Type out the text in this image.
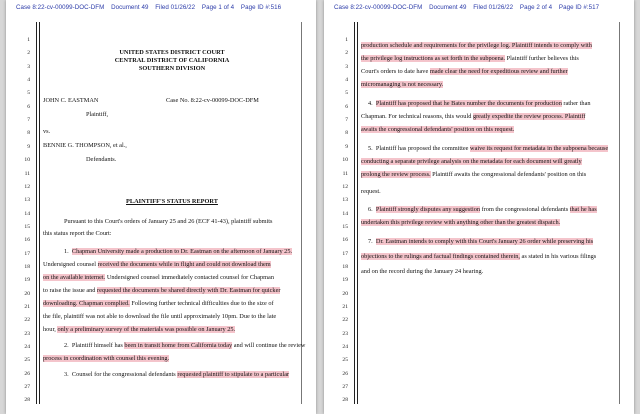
Case 8:22-cv-00099-DOC-DFM Document 49 Filed 01/26/22 Page 1 of 4 Page ID #:516
1
2
3
4
5
6
7
8
9
10
11
12
13
14
15
16
17
18
19
20
21
22
23
24
25
26
27
28
UNITED STATES DISTRICT COURT
CENTRAL DISTRICT OF CALIFORNIA
SOUTHERN DIVISION
JOHN C. EASTMAN
Plaintiff,
vs.
BENNIE G. THOMPSON, et al.,
Defendants.
Case No. 8:22-cv-00099-DOC-DFM
PLAINTIFF'S STATUS REPORT
Pursuant to this Court's orders of January 25 and 26 (ECF 41-43), plaintiff submits
this status report the Court:
1. Chapman University made a production to Dr. Eastman on the afternoon of January 25.
Undersigned counsel received the documents while in flight and could not download them
on the available internet. Undersigned counsel immediately contacted counsel for Chapman
to raise the issue and requested the documents be shared directly with Dr. Eastman for quicker
downloading. Chapman complied. Following further technical difficulties due to the size of
the file, plaintiff was not able to download the file until approximately 10pm. Due to the late
hour, only a preliminary survey of the materials was possible on January 25.
2. Plaintiff himself has been in transit home from California today and will continue the review
process in coordination with counsel this evening.
3. Counsel for the congressional defendants requested plaintiff to stipulate to a particular
Case 8:22-cv-00099-DOC-DFM Document 49 Filed 01/26/22 Page 2 of 4 Page ID #:517
1
2
3
4
5
6
7
8
9
10
11
12
13
14
15
16
17
18
19
20
21
22
23
24
25
26
27
28
production schedule and requirements for the privilege log. Plaintiff intends to comply with
the privilege log instructions as set forth in the subpoena. Plaintiff further believes this
Court's orders to date have made clear the need for expeditious review and further
micromanaging is not necessary.
4. Plaintiff has proposed that he Bates number the documents for production rather than
Chapman. For technical reasons, this would greatly expedite the review process. Plaintiff
awaits the congressional defendants' position on this request.
5. Plaintiff has proposed the committee waive its request for metadata in the subpoena because
conducting a separate privilege analysis on the metadata for each document will greatly
prolong the review process. Plaintiff awaits the congressional defendants' position on this
request.
6. Plaintiff strongly disputes any suggestion from the congressional defendants that he has
undertaken this privilege review with anything other than the greatest dispatch.
7. Dr. Eastman intends to comply with this Court's January 26 order while preserving his
objections to the rulings and factual findings contained therein, as stated in his various filings
and on the record during the January 24 hearing.
